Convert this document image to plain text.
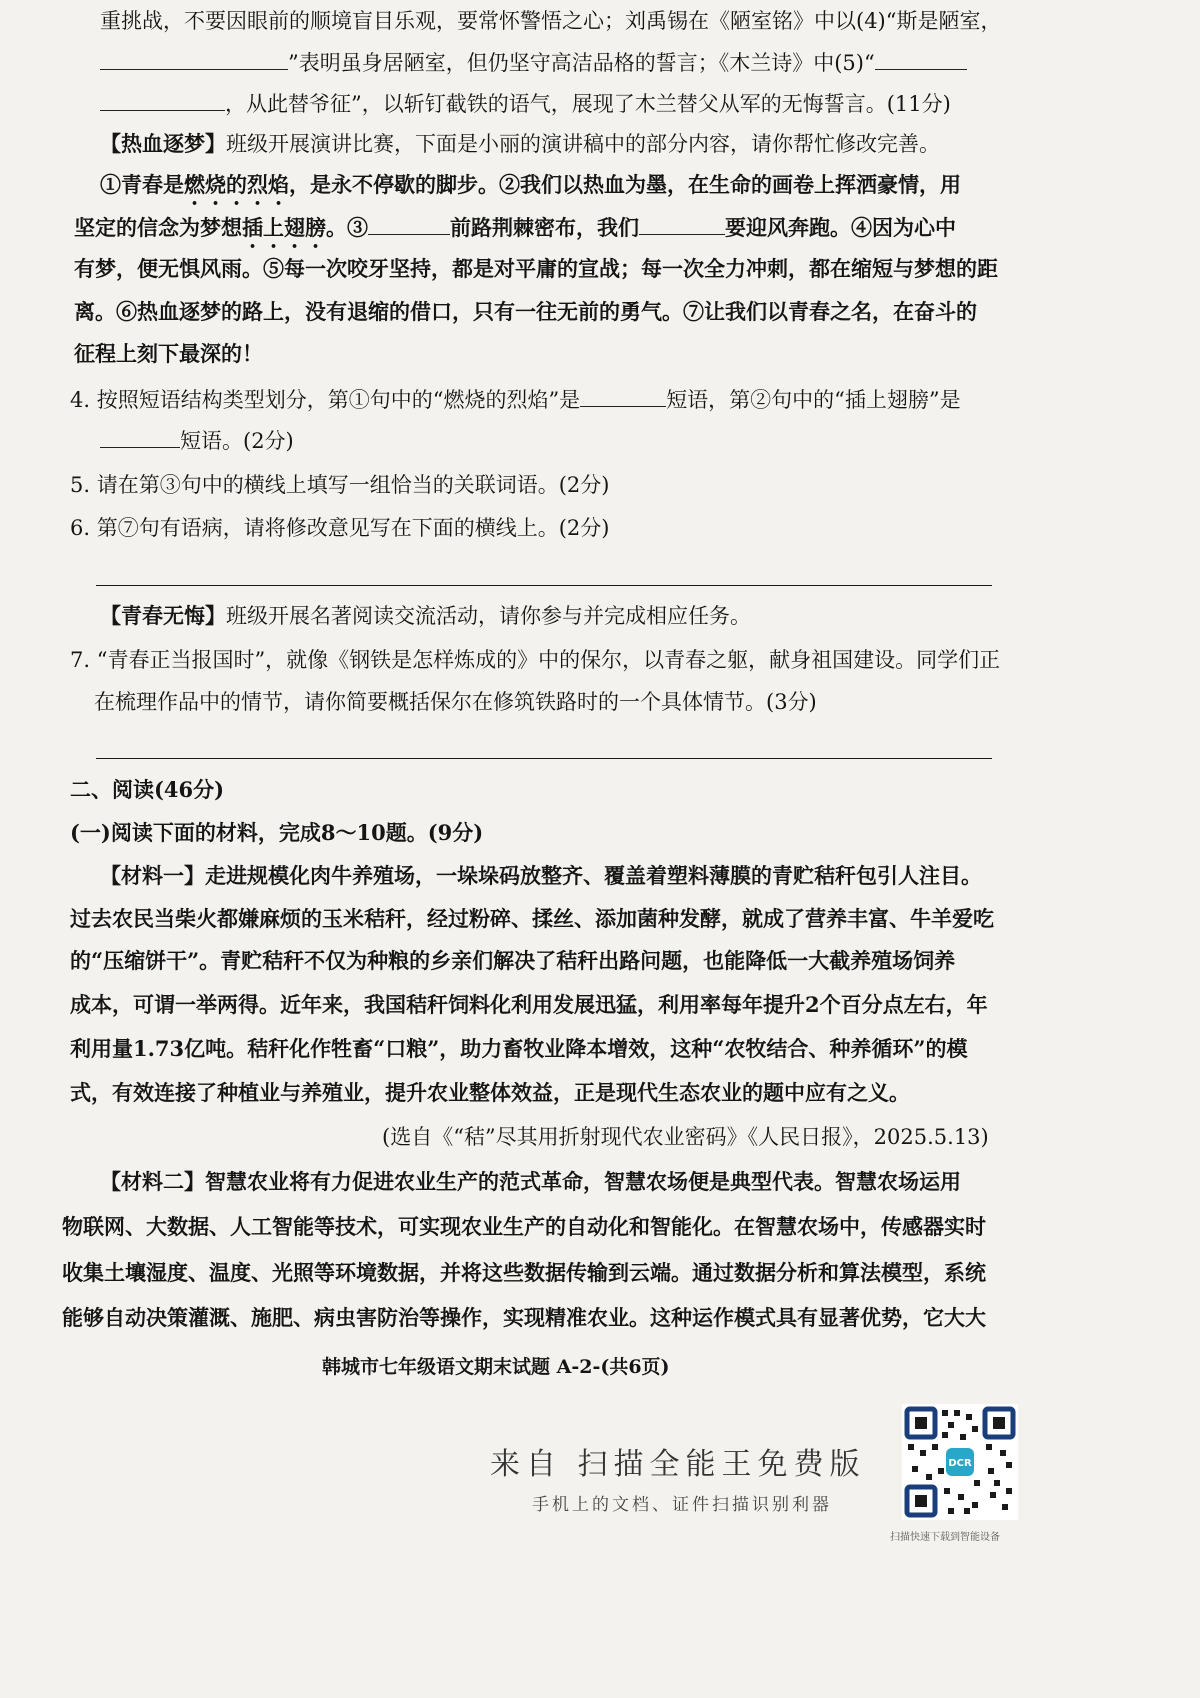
重挑战，不要因眼前的顺境盲目乐观，要常怀警悟之心；刘禹锡在《陋室铭》中以(4)“斯是陋室，
”表明虽身居陋室，但仍坚守高洁品格的誓言；《木兰诗》中(5)“
，从此替爷征”，以斩钉截铁的语气，展现了木兰替父从军的无悔誓言。(11分)
【热血逐梦】班级开展演讲比赛，下面是小丽的演讲稿中的部分内容，请你帮忙修改完善。
①青春是燃烧的烈焰，是永不停歇的脚步。②我们以热血为墨，在生命的画卷上挥洒豪情，用
坚定的信念为梦想插上翅膀。③	前路荆棘密布，我们	要迎风奔跑。④因为心中
有梦，便无惧风雨。⑤每一次咬牙坚持，都是对平庸的宣战；每一次全力冲刺，都在缩短与梦想的距
离。⑥热血逐梦的路上，没有退缩的借口，只有一往无前的勇气。⑦让我们以青春之名，在奋斗的
征程上刻下最深的！
4. 按照短语结构类型划分，第①句中的“燃烧的烈焰”是	短语，第②句中的“插上翅膀”是
短语。(2分)
5. 请在第③句中的横线上填写一组恰当的关联词语。(2分)
6. 第⑦句有语病，请将修改意见写在下面的横线上。(2分)
【青春无悔】班级开展名著阅读交流活动，请你参与并完成相应任务。
7. “青春正当报国时”，就像《钢铁是怎样炼成的》中的保尔，以青春之躯，献身祖国建设。同学们正
在梳理作品中的情节，请你简要概括保尔在修筑铁路时的一个具体情节。(3分)
二、阅读(46分)
(一)阅读下面的材料，完成8～10题。(9分)
【材料一】走进规模化肉牛养殖场，一垛垛码放整齐、覆盖着塑料薄膜的青贮秸秆包引人注目。
过去农民当柴火都嫌麻烦的玉米秸秆，经过粉碎、揉丝、添加菌种发酵，就成了营养丰富、牛羊爱吃
的“压缩饼干”。青贮秸秆不仅为种粮的乡亲们解决了秸秆出路问题，也能降低一大截养殖场饲养
成本，可谓一举两得。近年来，我国秸秆饲料化利用发展迅猛，利用率每年提升2个百分点左右，年
利用量1.73亿吨。秸秆化作牲畜“口粮”，助力畜牧业降本增效，这种“农牧结合、种养循环”的模
式，有效连接了种植业与养殖业，提升农业整体效益，正是现代生态农业的题中应有之义。
(选自《“秸”尽其用折射现代农业密码》《人民日报》，2025.5.13)
【材料二】智慧农业将有力促进农业生产的范式革命，智慧农场便是典型代表。智慧农场运用
物联网、大数据、人工智能等技术，可实现农业生产的自动化和智能化。在智慧农场中，传感器实时
收集土壤湿度、温度、光照等环境数据，并将这些数据传输到云端。通过数据分析和算法模型，系统
能够自动决策灌溉、施肥、病虫害防治等操作，实现精准农业。这种运作模式具有显著优势，它大大
韩城市七年级语文期末试题 A-2-(共6页)
来自 扫描全能王免费版
手机上的文档、证件扫描识别利器
DCR
扫描快速下载到智能设备
